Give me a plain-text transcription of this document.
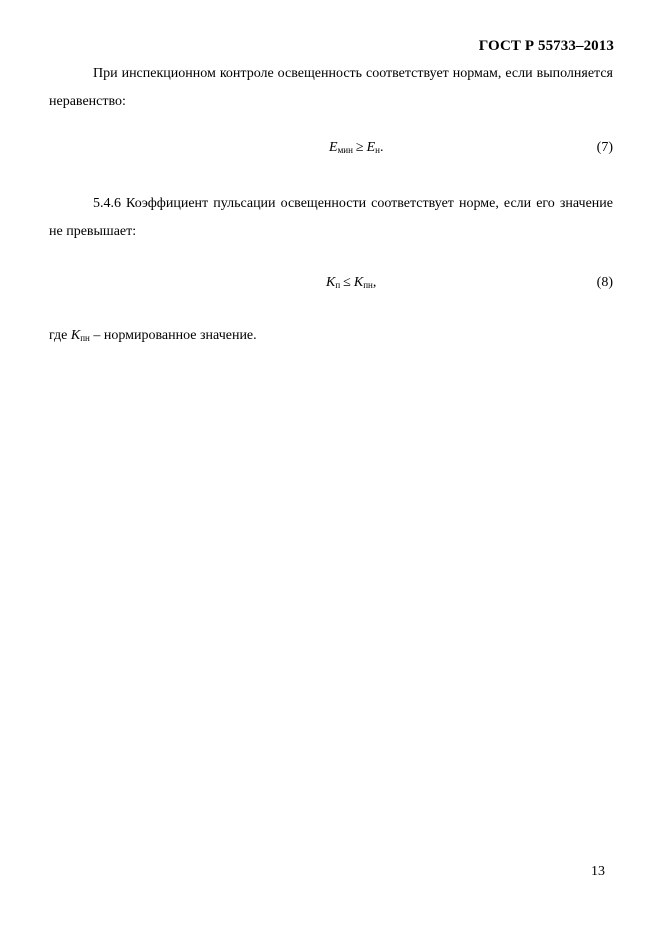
ГОСТ Р 55733–2013
При инспекционном контроле освещенность соответствует нормам, если выполняется неравенство:
$E_{мин} \ge E_н$.	(7)
5.4.6 Коэффициент пульсации освещенности соответствует норме, если его значение не превышает:
$K_п \le K_{пн}$,	(8)
где $K_{пн}$ – нормированное значение.
13
